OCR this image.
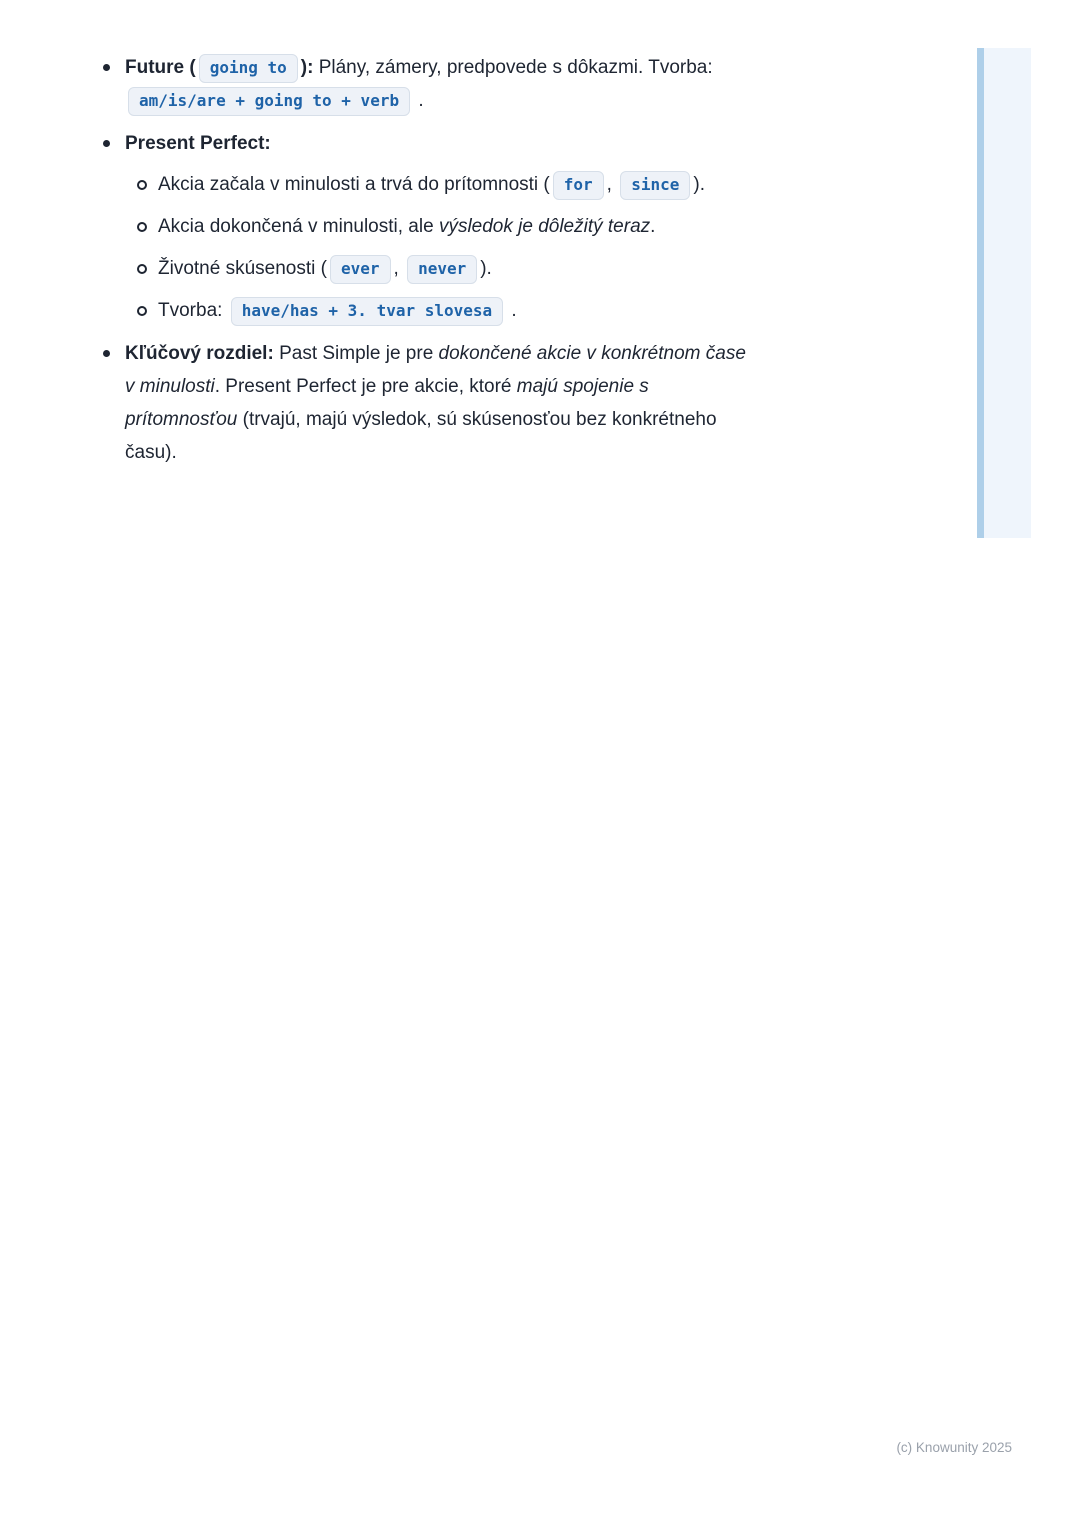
Future ( going to ): Plány, zámery, predpovede s dôkazmi. Tvorba:
am/is/are + going to + verb .
Present Perfect:
Akcia začala v minulosti a trvá do prítomnosti ( for , since ).
Akcia dokončená v minulosti, ale výsledok je dôležitý teraz.
Životné skúsenosti ( ever , never ).
Tvorba: have/has + 3. tvar slovesa .
Kľúčový rozdiel: Past Simple je pre dokončené akcie v konkrétnom čase
v minulosti. Present Perfect je pre akcie, ktoré majú spojenie s
prítomnosťou (trvajú, majú výsledok, sú skúsenosťou bez konkrétneho
času).
(c) Knowunity 2025
